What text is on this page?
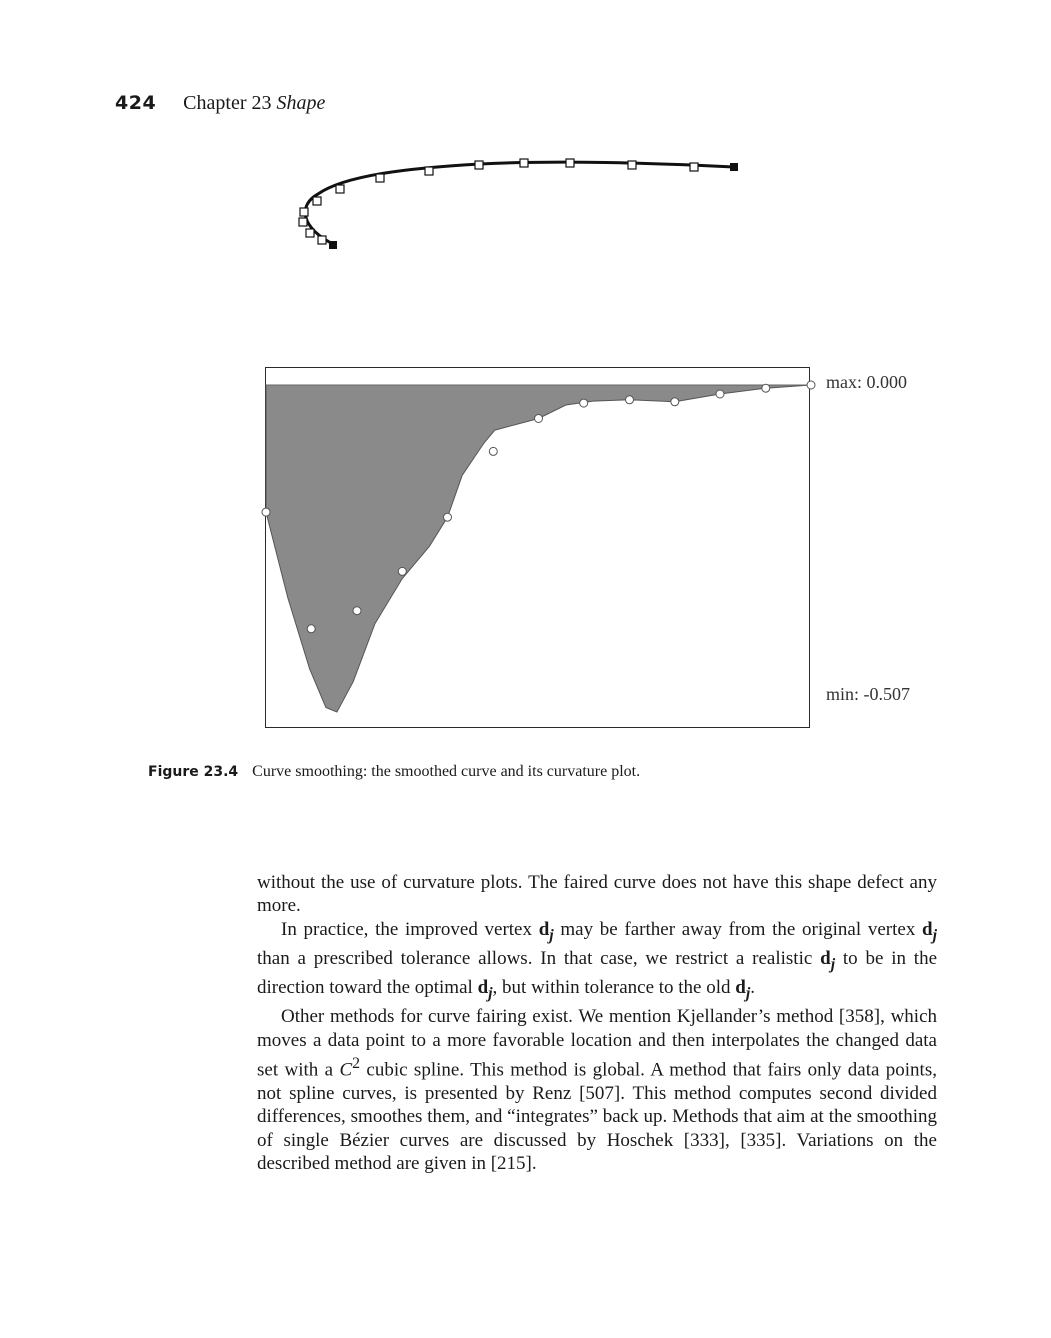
424 Chapter 23 Shape
max: 0.000
min: -0.507
Figure 23.4 Curve smoothing: the smoothed curve and its curvature plot.

without the use of curvature plots. The faired curve does not have this shape defect any more.

In practice, the improved vertex $d_j$ may be farther away from the original vertex $d_j$ than a prescribed tolerance allows. In that case, we restrict a realistic $d_j$ to be in the direction toward the optimal $d_j$, but within tolerance to the old $d_j$.

Other methods for curve fairing exist. We mention Kjellander’s method [358], which moves a data point to a more favorable location and then interpolates the changed data set with a $C^2$ cubic spline. This method is global. A method that fairs only data points, not spline curves, is presented by Renz [507]. This method computes second divided differences, smoothes them, and “integrates” back up. Methods that aim at the smoothing of single Bézier curves are discussed by Hoschek [333], [335]. Variations on the described method are given in [215].
